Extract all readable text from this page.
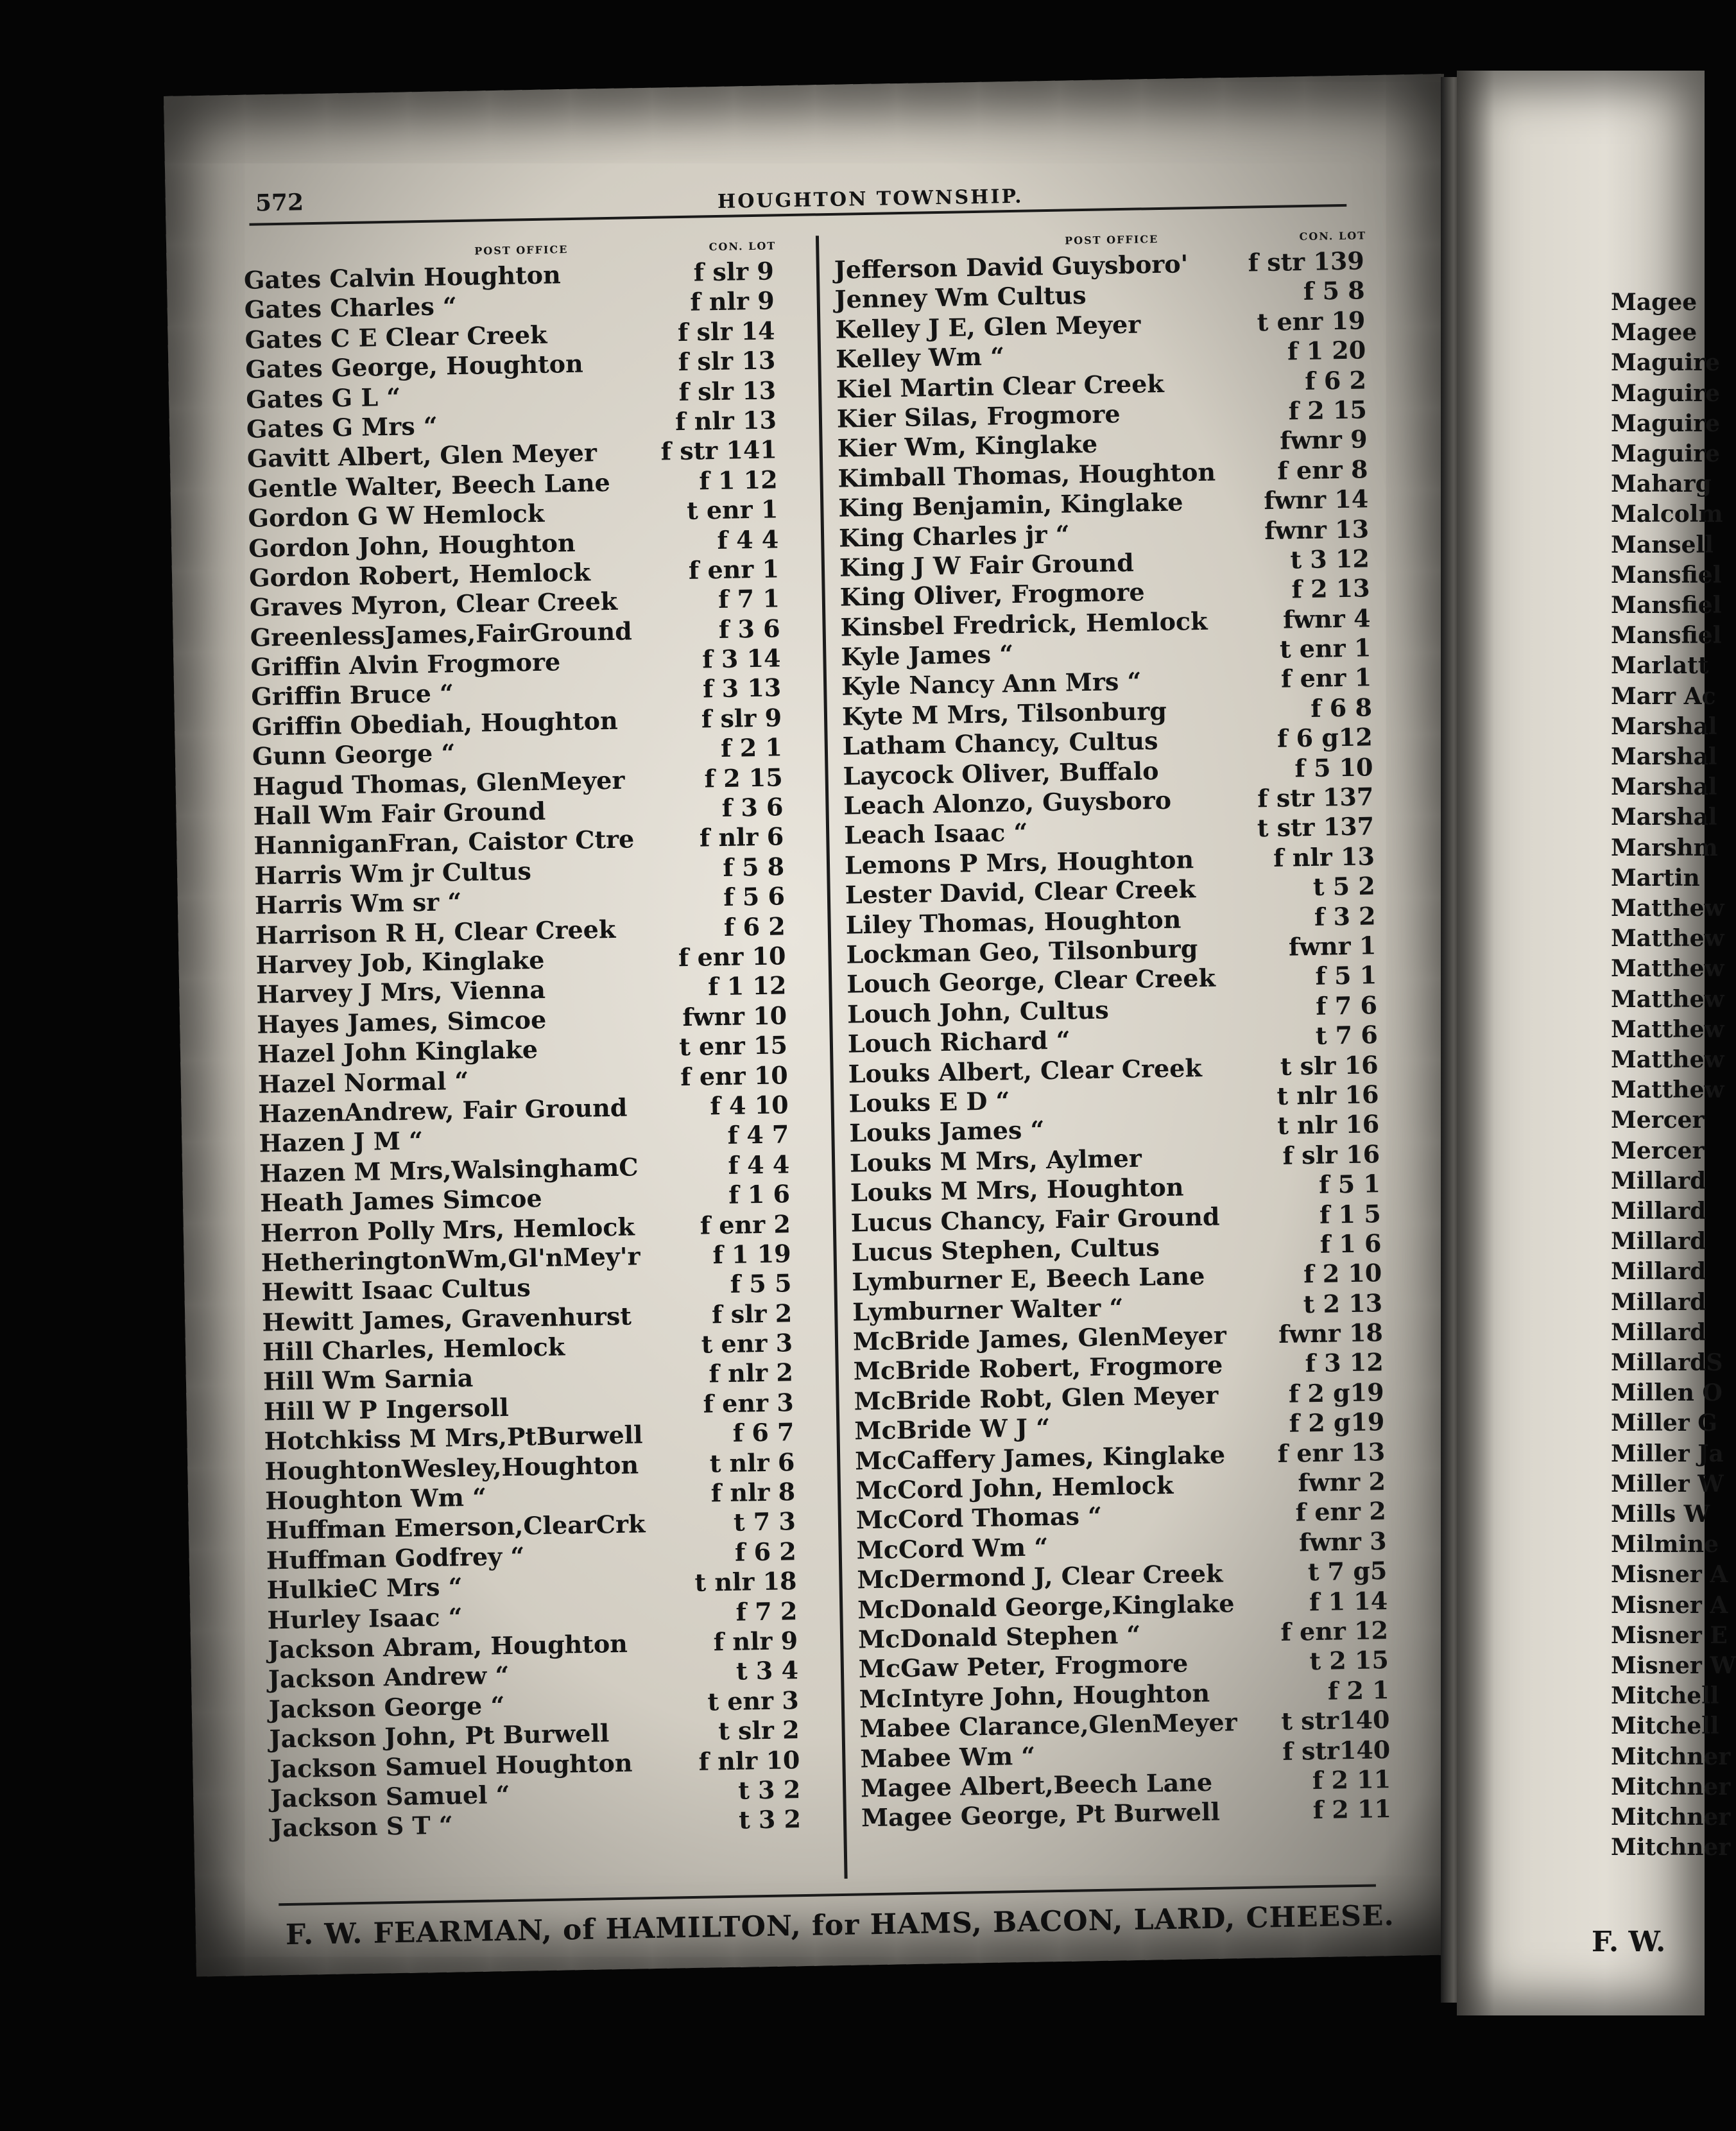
572	HOUGHTON TOWNSHIP.
POST OFFICE	CON. LOT
Gates Calvin Houghton	f slr 9
Gates Charles “	f nlr 9
Gates C E Clear Creek	f slr 14
Gates George, Houghton	f slr 13
Gates G L “	f slr 13
Gates G Mrs “	f nlr 13
Gavitt Albert, Glen Meyer	f str 141
Gentle Walter, Beech Lane	f 1 12
Gordon G W Hemlock	t enr 1
Gordon John, Houghton	f 4 4
Gordon Robert, Hemlock	f enr 1
Graves Myron, Clear Creek	f 7 1
GreenlessJames,FairGround	f 3 6
Griffin Alvin Frogmore	f 3 14
Griffin Bruce “	f 3 13
Griffin Obediah, Houghton	f slr 9
Gunn George “	f 2 1
Hagud Thomas, GlenMeyer	f 2 15
Hall Wm Fair Ground	f 3 6
HanniganFran, Caistor Ctre	f nlr 6
Harris Wm jr Cultus	f 5 8
Harris Wm sr “	f 5 6
Harrison R H, Clear Creek	f 6 2
Harvey Job, Kinglake	f enr 10
Harvey J Mrs, Vienna	f 1 12
Hayes James, Simcoe	fwnr 10
Hazel John Kinglake	t enr 15
Hazel Normal “	f enr 10
HazenAndrew, Fair Ground	f 4 10
Hazen J M “	f 4 7
Hazen M Mrs,WalsinghamC	f 4 4
Heath James Simcoe	f 1 6
Herron Polly Mrs, Hemlock	f enr 2
HetheringtonWm,Gl'nMey'r	f 1 19
Hewitt Isaac Cultus	f 5 5
Hewitt James, Gravenhurst	f slr 2
Hill Charles, Hemlock	t enr 3
Hill Wm Sarnia	f nlr 2
Hill W P Ingersoll	f enr 3
Hotchkiss M Mrs,PtBurwell	f 6 7
HoughtonWesley,Houghton	t nlr 6
Houghton Wm “	f nlr 8
Huffman Emerson,ClearCrk	t 7 3
Huffman Godfrey “	f 6 2
HulkieC Mrs “	t nlr 18
Hurley Isaac “	f 7 2
Jackson Abram, Houghton	f nlr 9
Jackson Andrew “	t 3 4
Jackson George “	t enr 3
Jackson John, Pt Burwell	t slr 2
Jackson Samuel Houghton	f nlr 10
Jackson Samuel “	t 3 2
Jackson S T “	t 3 2
POST OFFICE	CON. LOT
Jefferson David Guysboro' f str 139
Jenney Wm Cultus	f 5 8
Kelley J E, Glen Meyer	t enr 19
Kelley Wm “	f 1 20
Kiel Martin Clear Creek	f 6 2
Kier Silas, Frogmore	f 2 15
Kier Wm, Kinglake	fwnr 9
Kimball Thomas, Houghton	f enr 8
King Benjamin, Kinglake	fwnr 14
King Charles jr “	fwnr 13
King J W Fair Ground	t 3 12
King Oliver, Frogmore	f 2 13
Kinsbel Fredrick, Hemlock	fwnr 4
Kyle James “	t enr 1
Kyle Nancy Ann Mrs “	f enr 1
Kyte M Mrs, Tilsonburg	f 6 8
Latham Chancy, Cultus	f 6 g12
Laycock Oliver, Buffalo	f 5 10
Leach Alonzo, Guysboro	f str 137
Leach Isaac “	t str 137
Lemons P Mrs, Houghton	f nlr 13
Lester David, Clear Creek	t 5 2
Liley Thomas, Houghton	f 3 2
Lockman Geo, Tilsonburg	fwnr 1
Louch George, Clear Creek	f 5 1
Louch John, Cultus	f 7 6
Louch Richard “	t 7 6
Louks Albert, Clear Creek	t slr 16
Louks E D “	t nlr 16
Louks James “	t nlr 16
Louks M Mrs, Aylmer	f slr 16
Louks M Mrs, Houghton	f 5 1
Lucus Chancy, Fair Ground	f 1 5
Lucus Stephen, Cultus	f 1 6
Lymburner E, Beech Lane	f 2 10
Lymburner Walter “	t 2 13
McBride James, GlenMeyer fwnr 18
McBride Robert, Frogmore	f 3 12
McBride Robt, Glen Meyer	f 2 g19
McBride W J “	f 2 g19
McCaffery James, Kinglake f enr 13
McCord John, Hemlock	fwnr 2
McCord Thomas “	f enr 2
McCord Wm “	fwnr 3
McDermond J, Clear Creek	t 7 g5
McDonald George,Kinglake	f 1 14
McDonald Stephen “	f enr 12
McGaw Peter, Frogmore	t 2 15
McIntyre John, Houghton	f 2 1
Mabee Clarance,GlenMeyer t str140
Mabee Wm “	f str140
Magee Albert,Beech Lane	f 2 11
Magee George, Pt Burwell	f 2 11
F. W. FEARMAN, of HAMILTON, for HAMS, BACON, LARD, CHEESE.
Magee
Magee
Maguire
Maguire
Maguire
Maguire
Maharg
Malcolm
Mansell
Mansfiel
Mansfiel
Mansfiel
Marlatt
Marr Ac
Marshal
Marshal
Marshal
Marshal
Marshm
Martin
Matthew
Matthew
Matthew
Matthew
Matthew
Matthew
Matthew
Mercer
Mercer
Millard
Millard
Millard
Millard
Millard
Millard
MillardS
Millen O
Miller G
Miller Ja
Miller W
Mills W
Milmine
Misner A
Misner A
Misner E
Misner W
Mitchell
Mitchell
Mitchner
Mitchner
Mitchner
Mitchner
F. W.
